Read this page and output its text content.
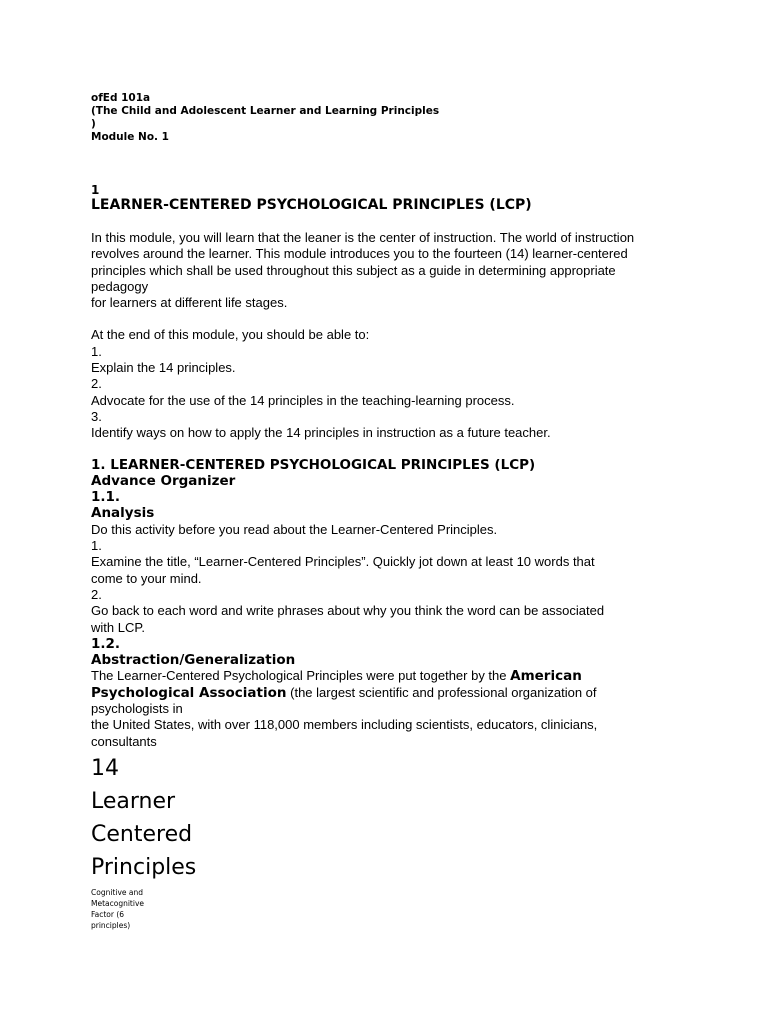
ofEd 101a
(The Child and Adolescent Learner and Learning Principles
)
Module No. 1
1
LEARNER-CENTERED PSYCHOLOGICAL PRINCIPLES (LCP)

In this module, you will learn that the leaner is the center of instruction. The world of instruction

revolves around the learner. This module introduces you to the fourteen (14) learner-centered

principles which shall be used throughout this subject as a guide in determining appropriate

pedagogy

for learners at different life stages.

At the end of this module, you should be able to:

1.

Explain the 14 principles.

2.

Advocate for the use of the 14 principles in the teaching-learning process.

3.

Identify ways on how to apply the 14 principles in instruction as a future teacher.

1. LEARNER-CENTERED PSYCHOLOGICAL PRINCIPLES (LCP)
Advance Organizer
1.1.
Analysis

Do this activity before you read about the Learner-Centered Principles.

1.

Examine the title, “Learner-Centered Principles”. Quickly jot down at least 10 words that

come to your mind.

2.

Go back to each word and write phrases about why you think the word can be associated

with LCP.

1.2.
Abstraction/Generalization

The Learner-Centered Psychological Principles were put together by the American

Psychological Association (the largest scientific and professional organization of

psychologists in

the United States, with over 118,000 members including scientists, educators, clinicians,

consultants

14
Learner
Centered
Principles
Cognitive and
Metacognitive
Factor (6
principles)
